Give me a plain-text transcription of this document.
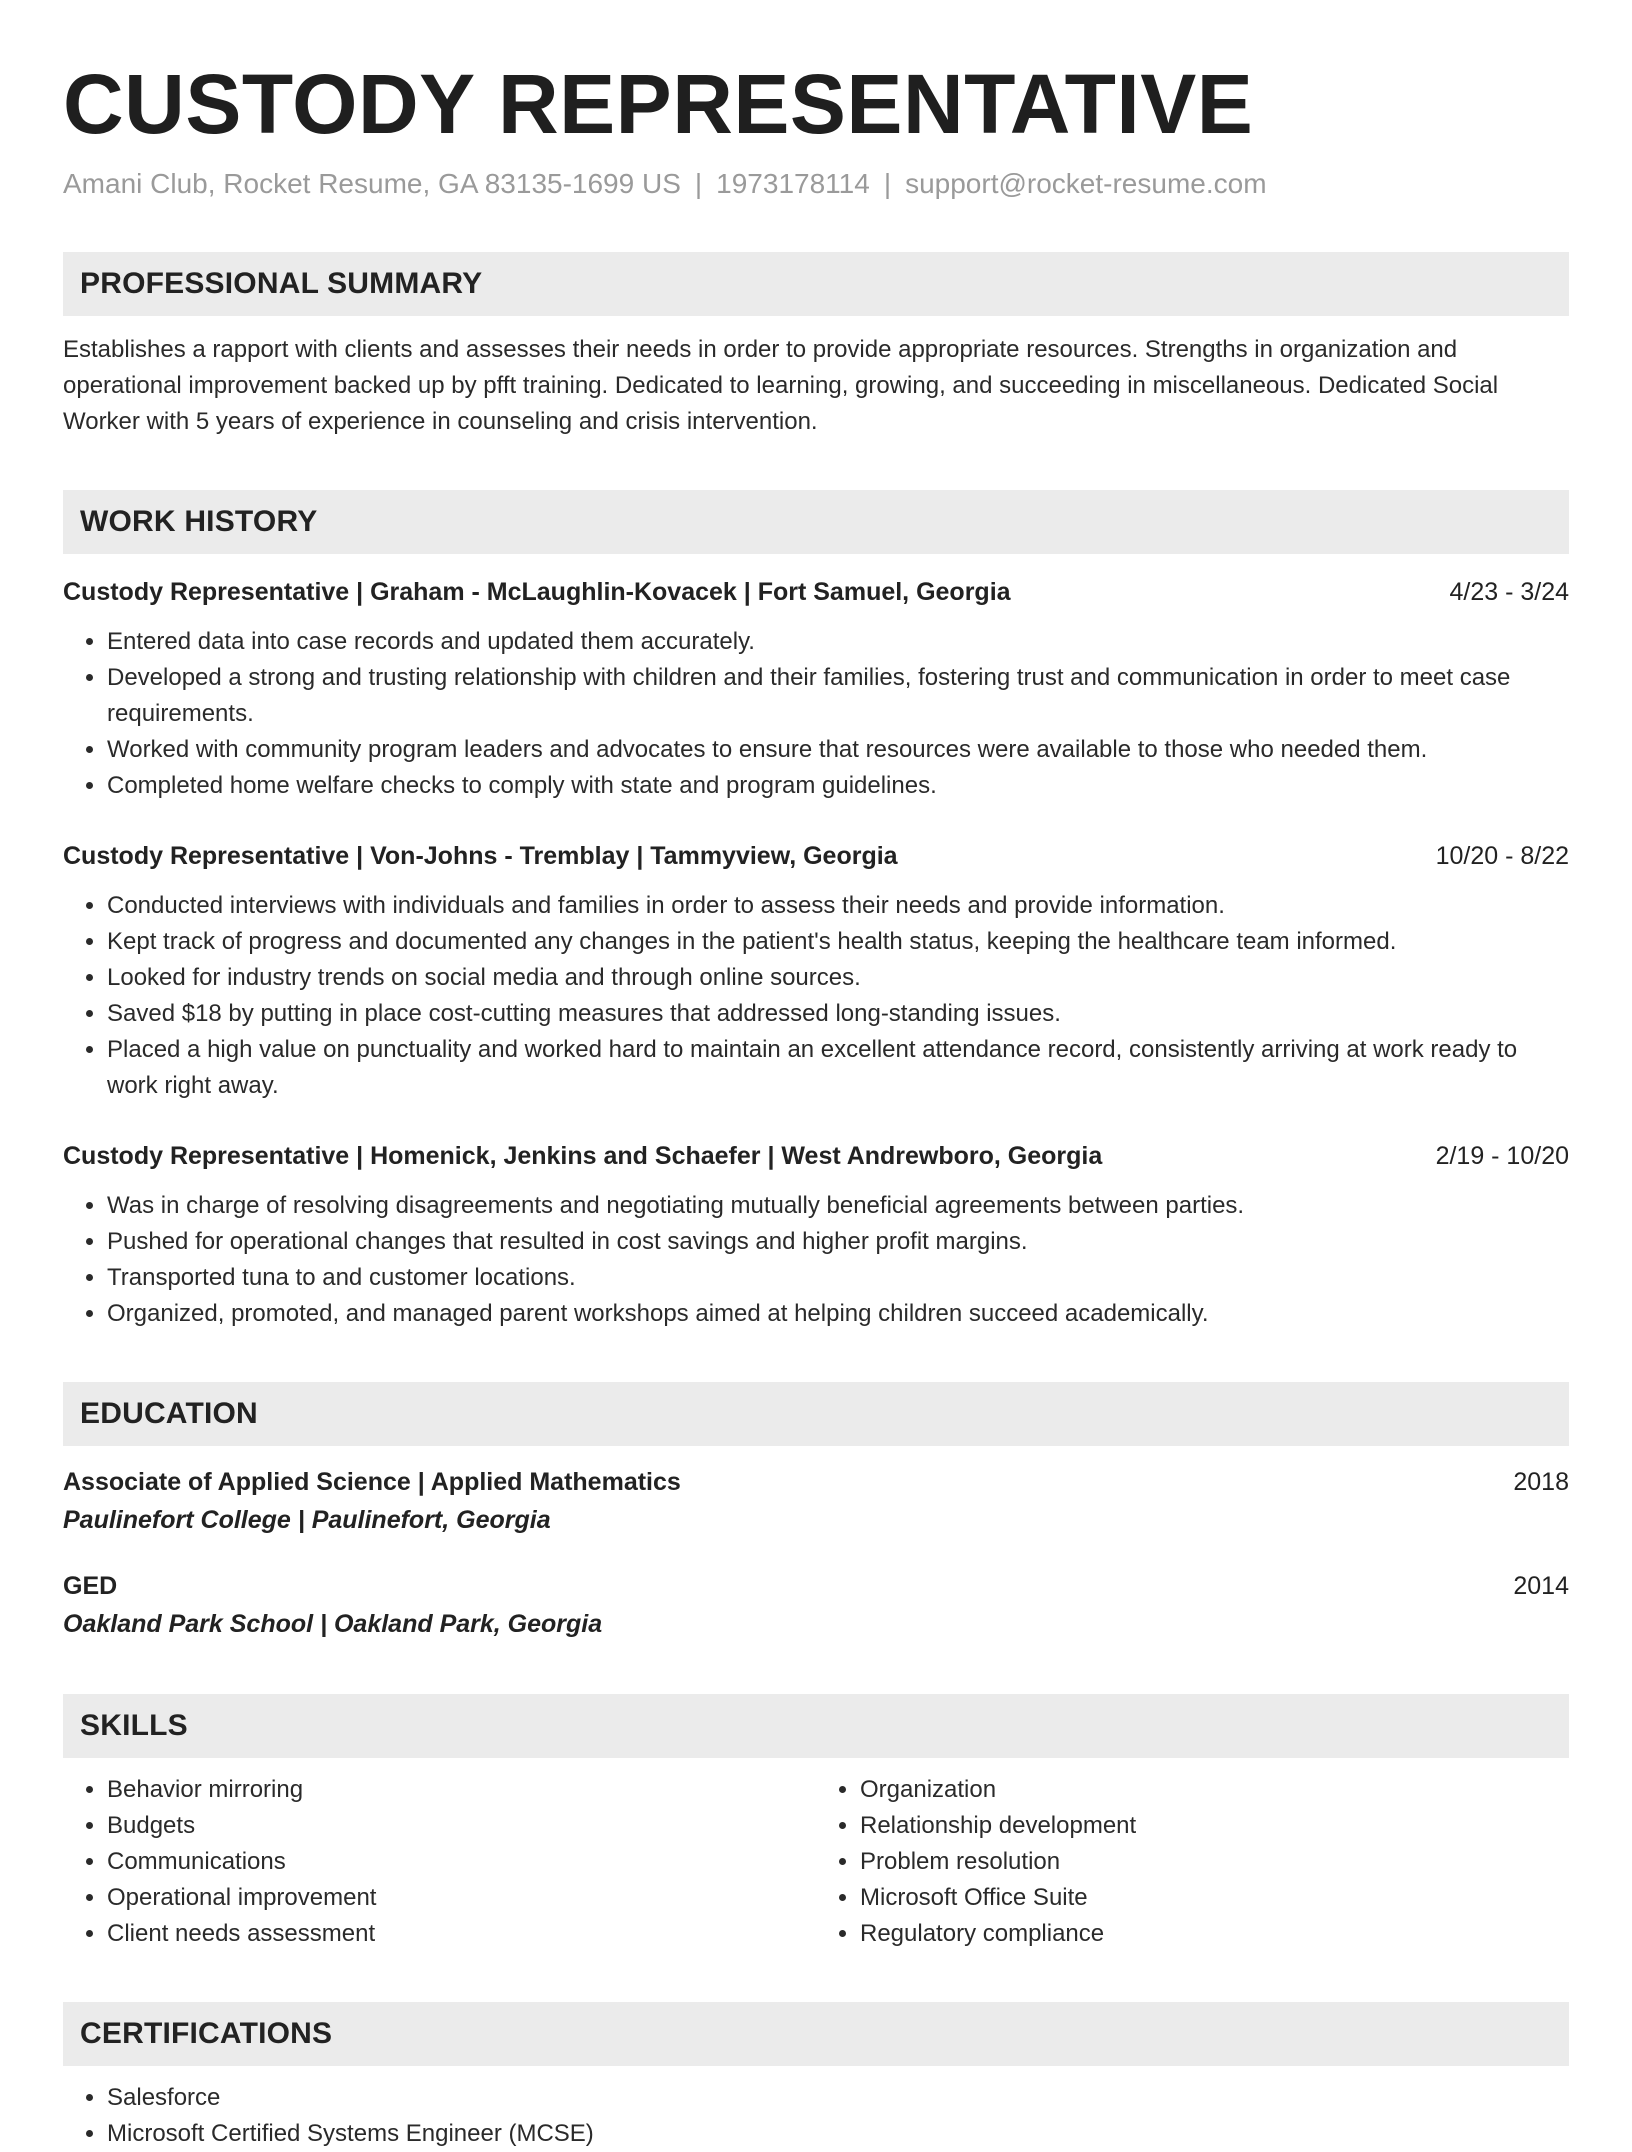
CUSTODY REPRESENTATIVE
Amani Club, Rocket Resume, GA 83135-1699 US | 1973178114 | support@rocket-resume.com
PROFESSIONAL SUMMARY
Establishes a rapport with clients and assesses their needs in order to provide appropriate resources. Strengths in organization and operational improvement backed up by pfft training. Dedicated to learning, growing, and succeeding in miscellaneous. Dedicated Social Worker with 5 years of experience in counseling and crisis intervention.
WORK HISTORY
Custody Representative | Graham - McLaughlin-Kovacek | Fort Samuel, Georgia	4/23 - 3/24
• Entered data into case records and updated them accurately.
• Developed a strong and trusting relationship with children and their families, fostering trust and communication in order to meet case requirements.
• Worked with community program leaders and advocates to ensure that resources were available to those who needed them.
• Completed home welfare checks to comply with state and program guidelines.
Custody Representative | Von-Johns - Tremblay | Tammyview, Georgia	10/20 - 8/22
• Conducted interviews with individuals and families in order to assess their needs and provide information.
• Kept track of progress and documented any changes in the patient's health status, keeping the healthcare team informed.
• Looked for industry trends on social media and through online sources.
• Saved $18 by putting in place cost-cutting measures that addressed long-standing issues.
• Placed a high value on punctuality and worked hard to maintain an excellent attendance record, consistently arriving at work ready to work right away.
Custody Representative | Homenick, Jenkins and Schaefer | West Andrewboro, Georgia	2/19 - 10/20
• Was in charge of resolving disagreements and negotiating mutually beneficial agreements between parties.
• Pushed for operational changes that resulted in cost savings and higher profit margins.
• Transported tuna to and customer locations.
• Organized, promoted, and managed parent workshops aimed at helping children succeed academically.
EDUCATION
Associate of Applied Science | Applied Mathematics	2018
Paulinefort College | Paulinefort, Georgia
GED	2014
Oakland Park School | Oakland Park, Georgia
SKILLS
• Behavior mirroring
• Budgets
• Communications
• Operational improvement
• Client needs assessment
• Organization
• Relationship development
• Problem resolution
• Microsoft Office Suite
• Regulatory compliance
CERTIFICATIONS
• Salesforce
• Microsoft Certified Systems Engineer (MCSE)
